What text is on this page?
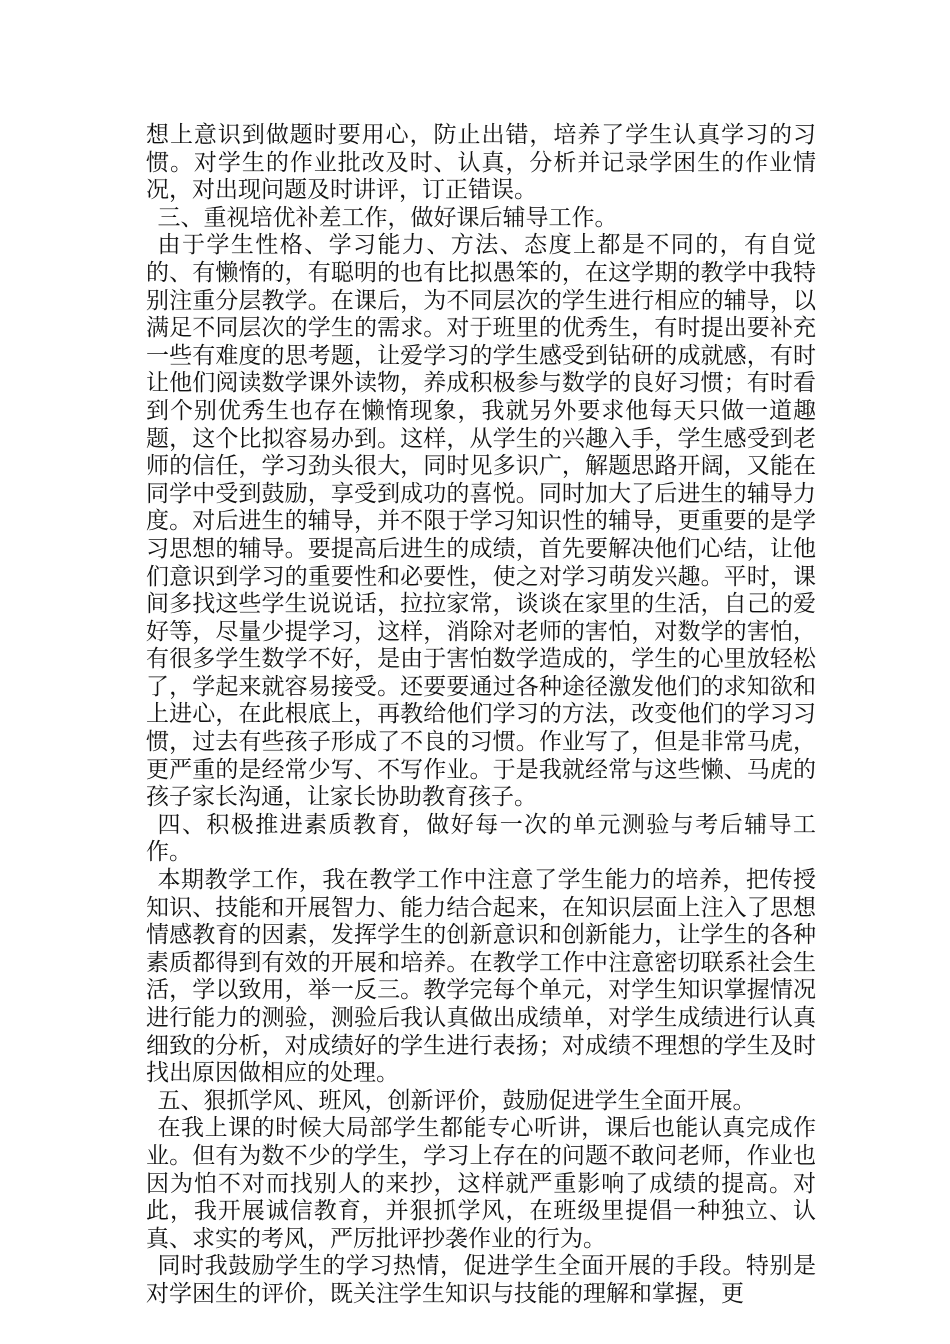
想上意识到做题时要用心，防止出错，培养了学生认真学习的习惯。对学生的作业批改及时、认真，分析并记录学困生的作业情况，对出现问题及时讲评，订正错误。

三、重视培优补差工作，做好课后辅导工作。

由于学生性格、学习能力、方法、态度上都是不同的，有自觉的、有懒惰的，有聪明的也有比拟愚笨的，在这学期的教学中我特别注重分层教学。在课后，为不同层次的学生进行相应的辅导，以满足不同层次的学生的需求。对于班里的优秀生，有时提出要补充一些有难度的思考题，让爱学习的学生感受到钻研的成就感，有时让他们阅读数学课外读物，养成积极参与数学的良好习惯；有时看到个别优秀生也存在懒惰现象，我就另外要求他每天只做一道趣题，这个比拟容易办到。这样，从学生的兴趣入手，学生感受到老师的信任，学习劲头很大，同时见多识广，解题思路开阔，又能在同学中受到鼓励，享受到成功的喜悦。同时加大了后进生的辅导力度。对后进生的辅导，并不限于学习知识性的辅导，更重要的是学习思想的辅导。要提高后进生的成绩，首先要解决他们心结，让他们意识到学习的重要性和必要性，使之对学习萌发兴趣。平时，课间多找这些学生说说话，拉拉家常，谈谈在家里的生活，自己的爱好等，尽量少提学习，这样，消除对老师的害怕，对数学的害怕，有很多学生数学不好，是由于害怕数学造成的，学生的心里放轻松了，学起来就容易接受。还要要通过各种途径激发他们的求知欲和上进心，在此根底上，再教给他们学习的方法，改变他们的学习习惯，过去有些孩子形成了不良的习惯。作业写了，但是非常马虎，更严重的是经常少写、不写作业。于是我就经常与这些懒、马虎的孩子家长沟通，让家长协助教育孩子。

四、积极推进素质教育，做好每一次的单元测验与考后辅导工作。

本期教学工作，我在教学工作中注意了学生能力的培养，把传授知识、技能和开展智力、能力结合起来，在知识层面上注入了思想情感教育的因素，发挥学生的创新意识和创新能力，让学生的各种素质都得到有效的开展和培养。在教学工作中注意密切联系社会生活，学以致用，举一反三。教学完每个单元，对学生知识掌握情况进行能力的测验，测验后我认真做出成绩单，对学生成绩进行认真细致的分析，对成绩好的学生进行表扬；对成绩不理想的学生及时找出原因做相应的处理。

五、狠抓学风、班风，创新评价，鼓励促进学生全面开展。

在我上课的时候大局部学生都能专心听讲，课后也能认真完成作业。但有为数不少的学生，学习上存在的问题不敢问老师，作业也因为怕不对而找别人的来抄，这样就严重影响了成绩的提高。对此，我开展诚信教育，并狠抓学风，在班级里提倡一种独立、认真、求实的考风，严厉批评抄袭作业的行为。

同时我鼓励学生的学习热情，促进学生全面开展的手段。特别是对学困生的评价，既关注学生知识与技能的理解和掌握，更
